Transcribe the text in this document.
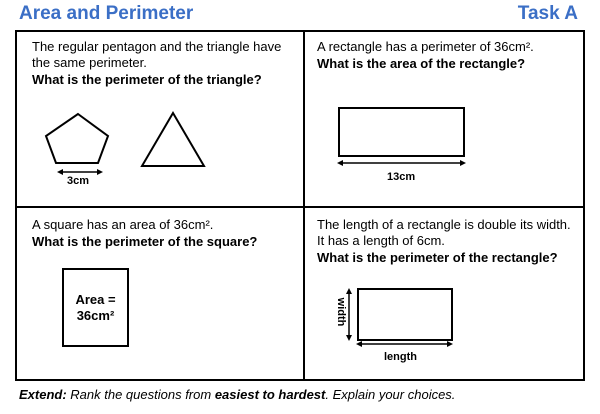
Area and Perimeter	Task A
The regular pentagon and the triangle have the same perimeter.
What is the perimeter of the triangle?
3cm
A rectangle has a perimeter of 36cm².
What is the area of the rectangle?
13cm
A square has an area of 36cm².
What is the perimeter of the square?
Area =
36cm²
The length of a rectangle is double its width. It has a length of 6cm.
What is the perimeter of the rectangle?
width
length
Extend: Rank the questions from easiest to hardest. Explain your choices.
